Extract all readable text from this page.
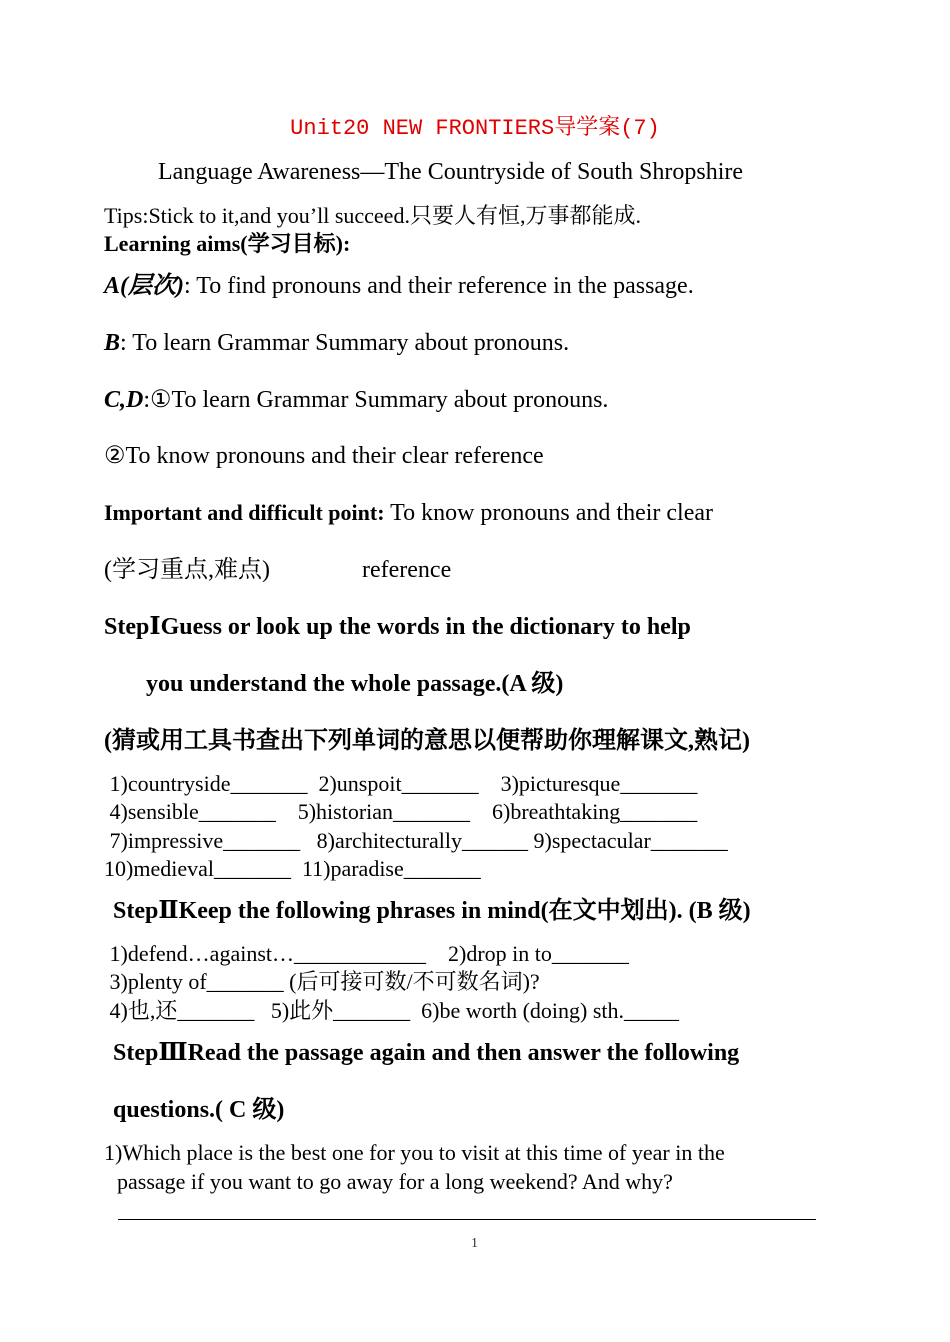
Unit20 NEW FRONTIERS导学案(7)
Language Awareness—The Countryside of South Shropshire
Tips:Stick to it,and you’ll succeed.只要人有恒,万事都能成.
Learning aims(学习目标):
A(层次): To find pronouns and their reference in the passage.
B: To learn Grammar Summary about pronouns.
C,D:①To learn Grammar Summary about pronouns.
②To know pronouns and their clear reference
Important and difficult point: To know pronouns and their clear
(学习重点,难点)	reference
StepⅠGuess or look up the words in the dictionary to help
you understand the whole passage.(A 级)
(猜或用工具书查出下列单词的意思以便帮助你理解课文,熟记)
1)countryside_______  2)unspoit_______    3)picturesque_______
4)sensible_______    5)historian_______    6)breathtaking_______
7)impressive_______   8)architecturally______ 9)spectacular_______
10)medieval_______  11)paradise_______
StepⅡKeep the following phrases in mind(在文中划出). (B 级)
1)defend…against…____________    2)drop in to_______
3)plenty of_______ (后可接可数/不可数名词)?
4)也,还_______   5)此外_______  6)be worth (doing) sth._____
StepⅢRead the passage again and then answer the following
questions.( C 级)
1)Which place is the best one for you to visit at this time of year in the
passage if you want to go away for a long weekend? And why?
1
